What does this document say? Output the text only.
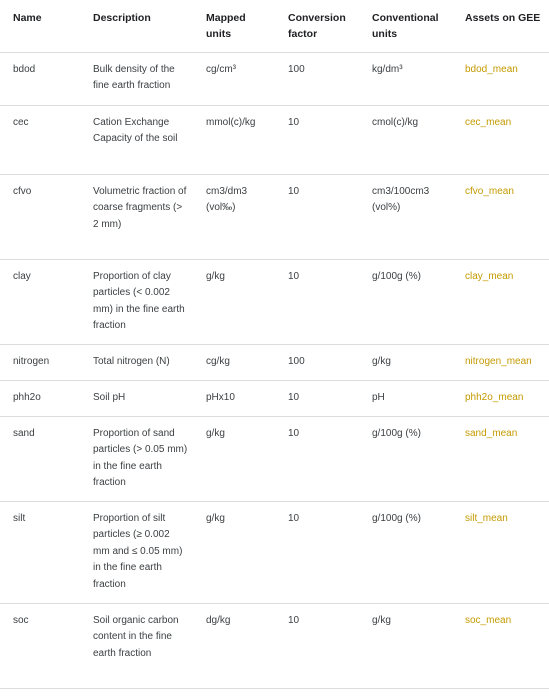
Name	Description	Mapped units	Conversion factor	Conventional units	Assets on GEE
bdod	Bulk density of the fine earth fraction	cg/cm³	100	kg/dm³	bdod_mean
cec	Cation Exchange Capacity of the soil	mmol(c)/kg	10	cmol(c)/kg	cec_mean
cfvo	Volumetric fraction of coarse fragments (> 2 mm)	cm3/dm3 (vol‰)	10	cm3/100cm3 (vol%)	cfvo_mean
clay	Proportion of clay particles (< 0.002 mm) in the fine earth fraction	g/kg	10	g/100g (%)	clay_mean
nitrogen	Total nitrogen (N)	cg/kg	100	g/kg	nitrogen_mean
phh2o	Soil pH	pHx10	10	pH	phh2o_mean
sand	Proportion of sand particles (> 0.05 mm) in the fine earth fraction	g/kg	10	g/100g (%)	sand_mean
silt	Proportion of silt particles (≥ 0.002 mm and ≤ 0.05 mm) in the fine earth fraction	g/kg	10	g/100g (%)	silt_mean
soc	Soil organic carbon content in the fine earth fraction	dg/kg	10	g/kg	soc_mean
